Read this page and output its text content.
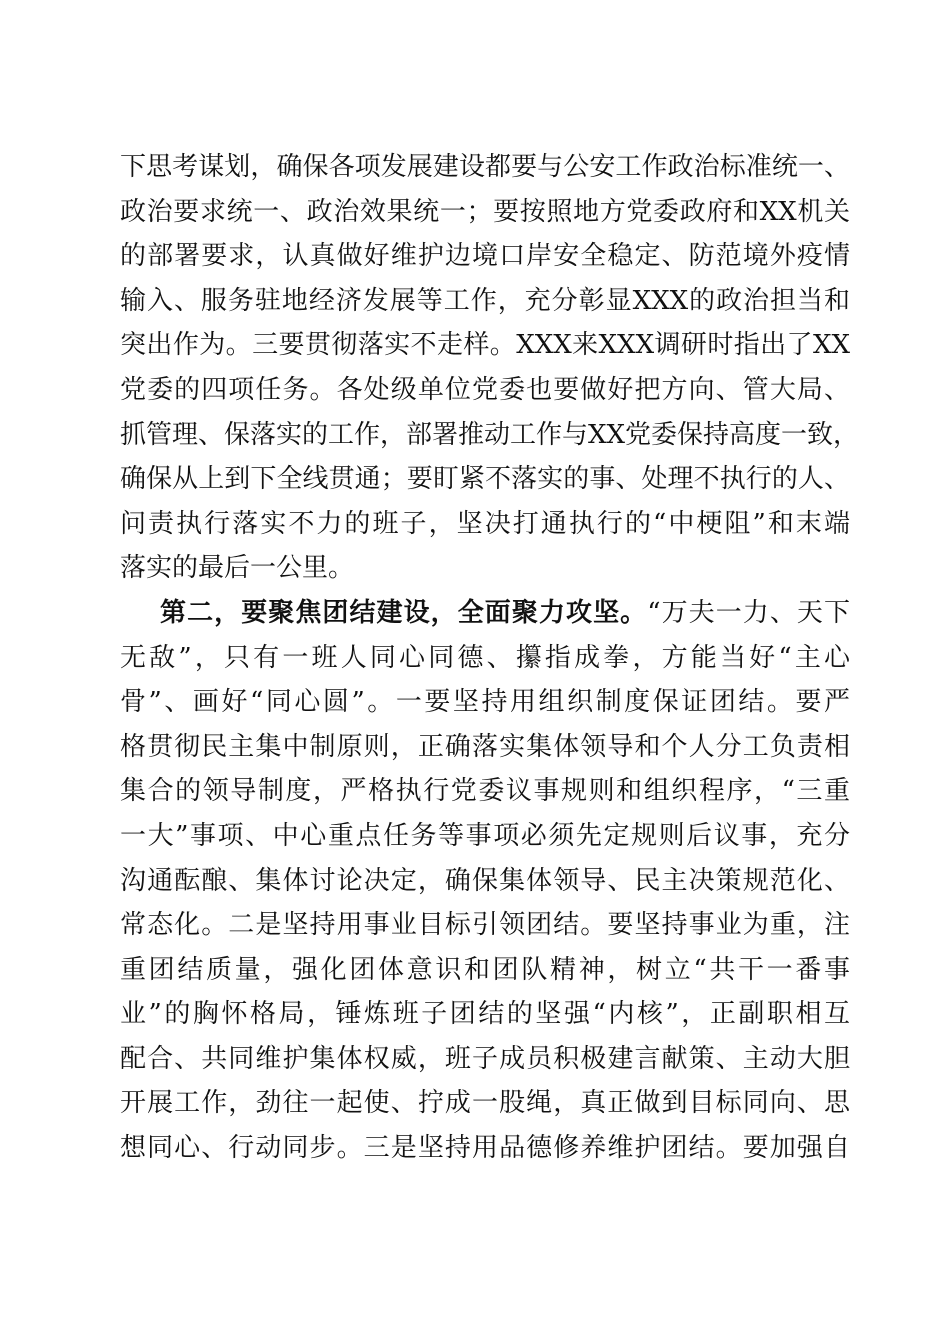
下思考谋划，确保各项发展建设都要与公安工作政治标准统一、
政治要求统一、政治效果统一；要按照地方党委政府和XX机关
的部署要求，认真做好维护边境口岸安全稳定、防范境外疫情
输入、服务驻地经济发展等工作，充分彰显XXX的政治担当和
突出作为。三要贯彻落实不走样。XXX来XXX调研时指出了XX
党委的四项任务。各处级单位党委也要做好把方向、管大局、
抓管理、保落实的工作，部署推动工作与XX党委保持高度一致，
确保从上到下全线贯通；要盯紧不落实的事、处理不执行的人、
问责执行落实不力的班子，坚决打通执行的“中梗阻”和末端
落实的最后一公里。
第二，要聚焦团结建设，全面聚力攻坚。“万夫一力、天下
无敌”，只有一班人同心同德、攥指成拳，方能当好“主心
骨”、画好“同心圆”。一要坚持用组织制度保证团结。要严
格贯彻民主集中制原则，正确落实集体领导和个人分工负责相
集合的领导制度，严格执行党委议事规则和组织程序，“三重
一大”事项、中心重点任务等事项必须先定规则后议事，充分
沟通酝酿、集体讨论决定，确保集体领导、民主决策规范化、
常态化。二是坚持用事业目标引领团结。要坚持事业为重，注
重团结质量，强化团体意识和团队精神，树立“共干一番事
业”的胸怀格局，锤炼班子团结的坚强“内核”，正副职相互
配合、共同维护集体权威，班子成员积极建言献策、主动大胆
开展工作，劲往一起使、拧成一股绳，真正做到目标同向、思
想同心、行动同步。三是坚持用品德修养维护团结。要加强自
